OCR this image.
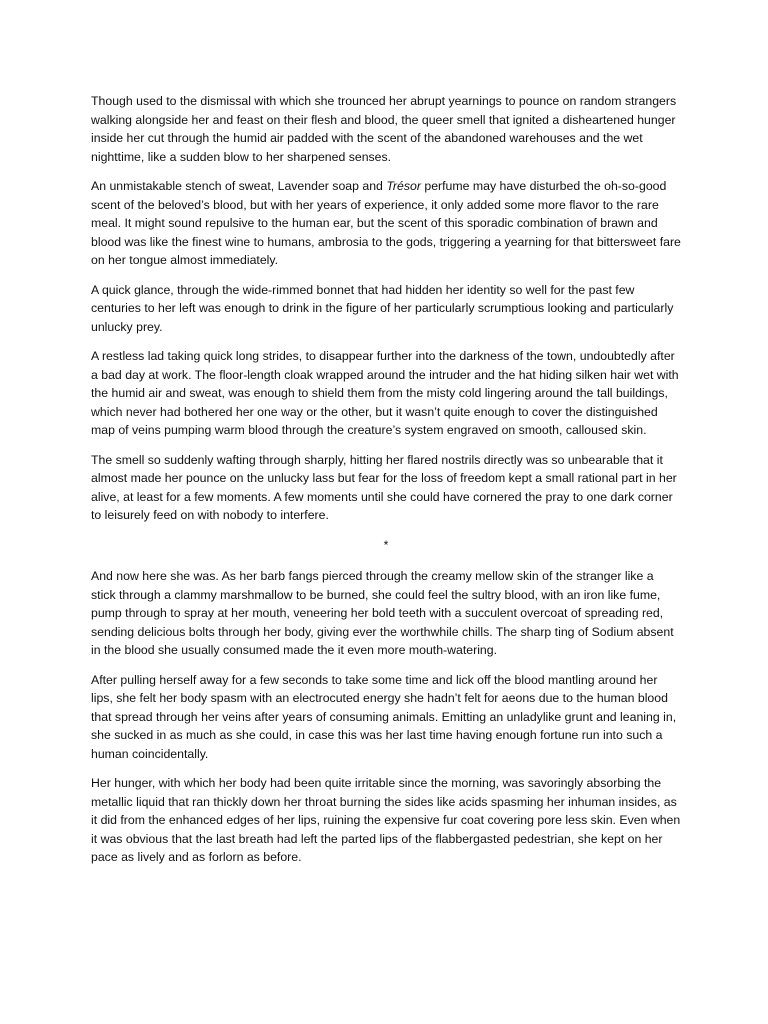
Though used to the dismissal with which she trounced her abrupt yearnings to pounce on random strangers walking alongside her and feast on their flesh and blood, the queer smell that ignited a disheartened hunger inside her cut through the humid air padded with the scent of the abandoned warehouses and the wet nighttime, like a sudden blow to her sharpened senses.

An unmistakable stench of sweat, Lavender soap and Trésor perfume may have disturbed the oh-so-good scent of the beloved’s blood, but with her years of experience, it only added some more flavor to the rare meal. It might sound repulsive to the human ear, but the scent of this sporadic combination of brawn and blood was like the finest wine to humans, ambrosia to the gods, triggering a yearning for that bittersweet fare on her tongue almost immediately.

A quick glance, through the wide-rimmed bonnet that had hidden her identity so well for the past few centuries to her left was enough to drink in the figure of her particularly scrumptious looking and particularly unlucky prey.

A restless lad taking quick long strides, to disappear further into the darkness of the town, undoubtedly after a bad day at work. The floor-length cloak wrapped around the intruder and the hat hiding silken hair wet with the humid air and sweat, was enough to shield them from the misty cold lingering around the tall buildings, which never had bothered her one way or the other, but it wasn’t quite enough to cover the distinguished map of veins pumping warm blood through the creature’s system engraved on smooth, calloused skin.

The smell so suddenly wafting through sharply, hitting her flared nostrils directly was so unbearable that it almost made her pounce on the unlucky lass but fear for the loss of freedom kept a small rational part in her alive, at least for a few moments. A few moments until she could have cornered the pray to one dark corner to leisurely feed on with nobody to interfere.

*

And now here she was. As her barb fangs pierced through the creamy mellow skin of the stranger like a stick through a clammy marshmallow to be burned, she could feel the sultry blood, with an iron like fume, pump through to spray at her mouth, veneering her bold teeth with a succulent overcoat of spreading red, sending delicious bolts through her body, giving ever the worthwhile chills. The sharp ting of Sodium absent in the blood she usually consumed made the it even more mouth-watering.

After pulling herself away for a few seconds to take some time and lick off the blood mantling around her lips, she felt her body spasm with an electrocuted energy she hadn’t felt for aeons due to the human blood that spread through her veins after years of consuming animals. Emitting an unladylike grunt and leaning in, she sucked in as much as she could, in case this was her last time having enough fortune run into such a human coincidentally.

Her hunger, with which her body had been quite irritable since the morning, was savoringly absorbing the metallic liquid that ran thickly down her throat burning the sides like acids spasming her inhuman insides, as it did from the enhanced edges of her lips, ruining the expensive fur coat covering pore less skin. Even when it was obvious that the last breath had left the parted lips of the flabbergasted pedestrian, she kept on her pace as lively and as forlorn as before.
